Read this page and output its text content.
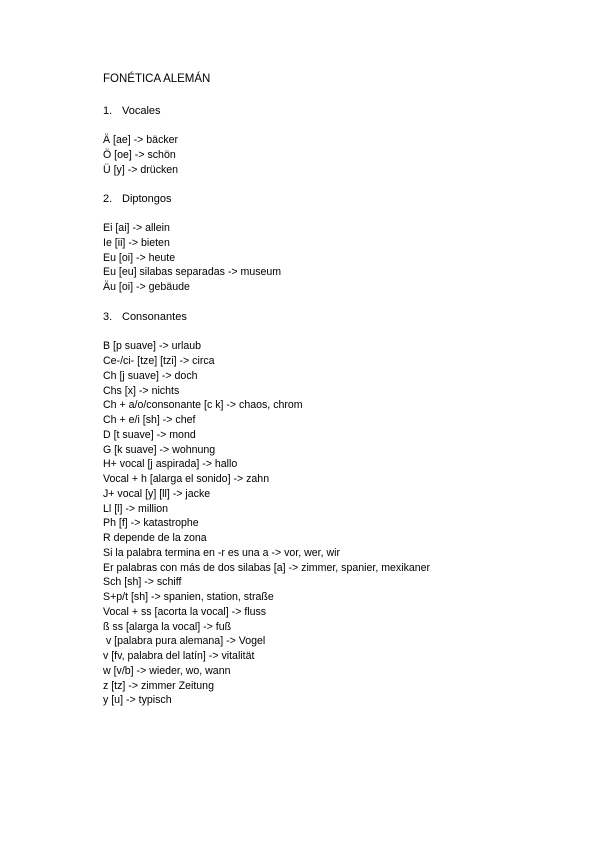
FONÉTICA ALEMÁN
1. Vocales
Ä [ae] -> bäcker
Ö [oe] -> schön
Ü [y] -> drücken
2. Diptongos
Ei [ai] -> allein
Ie [ii] -> bieten
Eu [oi] -> heute
Eu [eu] silabas separadas -> museum
Äu [oi] -> gebäude
3. Consonantes
B [p suave] -> urlaub
Ce-/ci- [tze] [tzi] -> circa
Ch [j suave] -> doch
Chs [x] -> nichts
Ch + a/o/consonante [c k] -> chaos, chrom
Ch + e/i [sh] -> chef
D [t suave] -> mond
G [k suave] -> wohnung
H+ vocal [j aspirada] -> hallo
Vocal + h [alarga el sonido] -> zahn
J+ vocal [y] [ll] -> jacke
Ll [l] -> million
Ph [f] -> katastrophe
R depende de la zona
Si la palabra termina en -r es una a -> vor, wer, wir
Er palabras con más de dos silabas [a] -> zimmer, spanier, mexikaner
Sch [sh] -> schiff
S+p/t [sh] -> spanien, station, straße
Vocal + ss [acorta la vocal] -> fluss
ß ss [alarga la vocal] -> fuß
v [palabra pura alemana] -> Vogel
v [fv, palabra del latín] -> vitalität
w [v/b] -> wieder, wo, wann
z [tz] -> zimmer Zeitung
y [u] -> typisch
